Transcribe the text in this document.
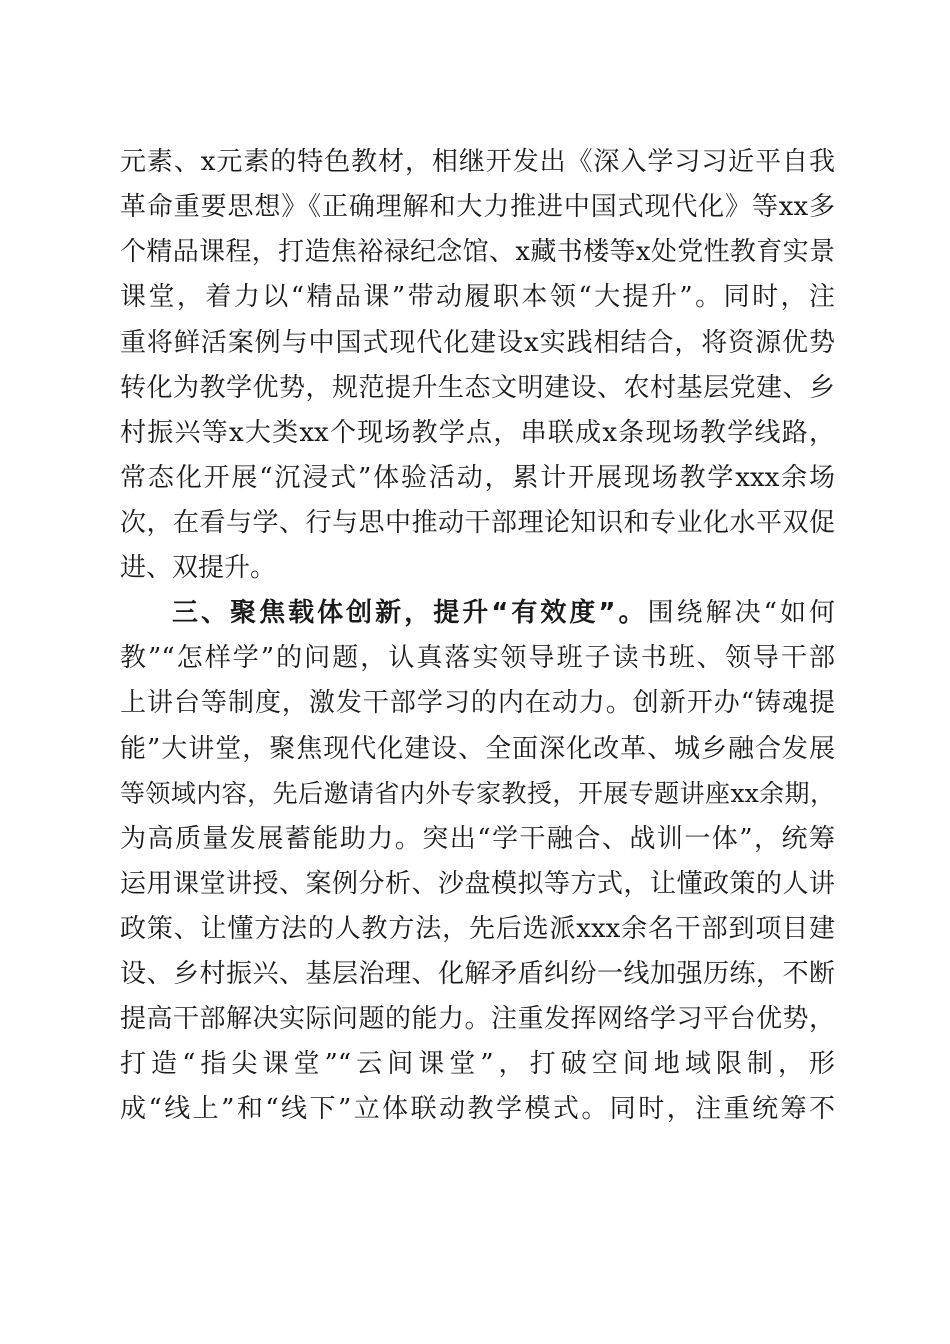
元素、x元素的特色教材，相继开发出《深入学习习近平自我
革命重要思想》《正确理解和大力推进中国式现代化》等xx多
个精品课程，打造焦裕禄纪念馆、x藏书楼等x处党性教育实景
课堂，着力以“精品课”带动履职本领“大提升”。同时，注
重将鲜活案例与中国式现代化建设x实践相结合，将资源优势
转化为教学优势，规范提升生态文明建设、农村基层党建、乡
村振兴等x大类xx个现场教学点，串联成x条现场教学线路，
常态化开展“沉浸式”体验活动，累计开展现场教学xxx余场
次，在看与学、行与思中推动干部理论知识和专业化水平双促
进、双提升。
三、聚焦载体创新，提升“有效度”。围绕解决“如何
教”“怎样学”的问题，认真落实领导班子读书班、领导干部
上讲台等制度，激发干部学习的内在动力。创新开办“铸魂提
能”大讲堂，聚焦现代化建设、全面深化改革、城乡融合发展
等领域内容，先后邀请省内外专家教授，开展专题讲座xx余期，
为高质量发展蓄能助力。突出“学干融合、战训一体”，统筹
运用课堂讲授、案例分析、沙盘模拟等方式，让懂政策的人讲
政策、让懂方法的人教方法，先后选派xxx余名干部到项目建
设、乡村振兴、基层治理、化解矛盾纠纷一线加强历练，不断
提高干部解决实际问题的能力。注重发挥网络学习平台优势，
打造“指尖课堂”“云间课堂”，打破空间地域限制，形
成“线上”和“线下”立体联动教学模式。同时，注重统筹不
